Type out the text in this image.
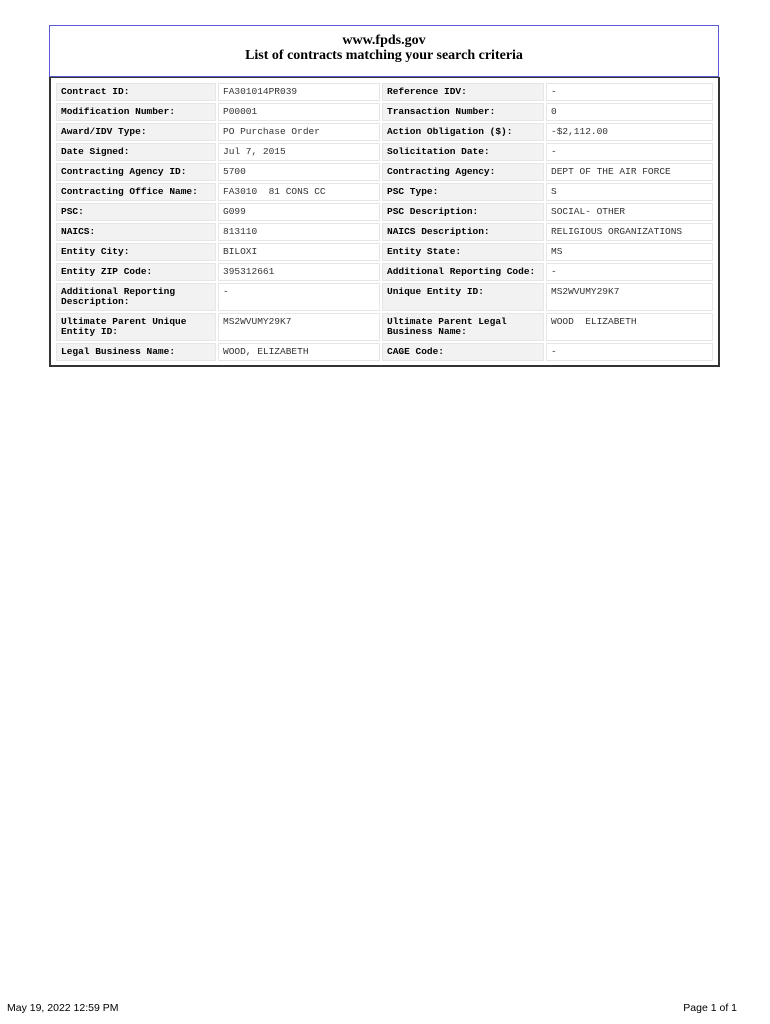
www.fpds.gov
List of contracts matching your search criteria
Contract ID:	FA301014PR039	Reference IDV:	-
Modification Number:	P00001	Transaction Number:	0
Award/IDV Type:	PO Purchase Order	Action Obligation ($):	-$2,112.00
Date Signed:	Jul 7, 2015	Solicitation Date:	-
Contracting Agency ID:	5700	Contracting Agency:	DEPT OF THE AIR FORCE
Contracting Office Name:	FA3010  81 CONS CC	PSC Type:	S
PSC:	G099	PSC Description:	SOCIAL- OTHER
NAICS:	813110	NAICS Description:	RELIGIOUS ORGANIZATIONS
Entity City:	BILOXI	Entity State:	MS
Entity ZIP Code:	395312661	Additional Reporting Code:	-
Additional Reporting
Description:	-	Unique Entity ID:	MS2WVUMY29K7
Ultimate Parent Unique
Entity ID:	MS2WVUMY29K7	Ultimate Parent Legal
Business Name:	WOOD  ELIZABETH
Legal Business Name:	WOOD, ELIZABETH	CAGE Code:	-
May 19, 2022 12:59 PM	Page 1 of 1
